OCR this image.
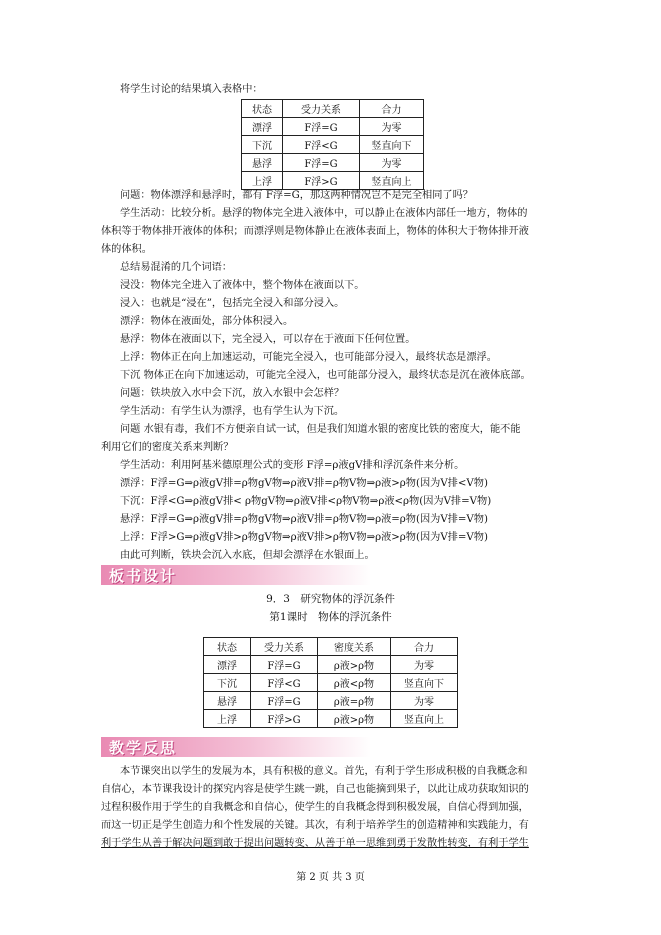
将学生讨论的结果填入表格中：
状态	受力关系	合力
漂浮	F浮=G	为零
下沉	F浮<G	竖直向下
悬浮	F浮=G	为零
上浮	F浮>G	竖直向上
问题：物体漂浮和悬浮时，都有 F浮=G，那这两种情况岂不是完全相同了吗？
学生活动：比较分析。悬浮的物体完全进入液体中，可以静止在液体内部任一地方，物体的
体积等于物体排开液体的体积；而漂浮则是物体静止在液体表面上，物体的体积大于物体排开液
体的体积。
总结易混淆的几个词语：
浸没：物体完全进入了液体中，整个物体在液面以下。
浸入：也就是“浸在”，包括完全浸入和部分浸入。
漂浮：物体在液面处，部分体积浸入。
悬浮：物体在液面以下，完全浸入，可以存在于液面下任何位置。
上浮：物体正在向上加速运动，可能完全浸入，也可能部分浸入，最终状态是漂浮。
下沉 物体正在向下加速运动，可能完全浸入，也可能部分浸入，最终状态是沉在液体底部。
问题：铁块放入水中会下沉，放入水银中会怎样？
学生活动：有学生认为漂浮，也有学生认为下沉。
问题 水银有毒，我们不方便亲自试一试，但是我们知道水银的密度比铁的密度大，能不能
利用它们的密度关系来判断？
学生活动：利用阿基米德原理公式的变形 F浮=ρ液gV排和浮沉条件来分析。
漂浮：F浮=G⇒ρ液gV排=ρ物gV物⇒ρ液V排=ρ物V物⇒ρ液>ρ物(因为V排<V物)
下沉：F浮<G⇒ρ液gV排< ρ物gV物⇒ρ液V排<ρ物V物⇒ρ液<ρ物(因为V排=V物)
悬浮：F浮=G⇒ρ液gV排=ρ物gV物⇒ρ液V排=ρ物V物⇒ρ液=ρ物(因为V排=V物)
上浮：F浮>G⇒ρ液gV排>ρ物gV物⇒ρ液V排>ρ物V物⇒ρ液>ρ物(因为V排=V物)
由此可判断，铁块会沉入水底，但却会漂浮在水银面上。
板书设计
9．3　研究物体的浮沉条件
第1课时　物体的浮沉条件
状态	受力关系	密度关系	合力
漂浮	F浮=G	ρ液>ρ物	为零
下沉	F浮<G	ρ液<ρ物	竖直向下
悬浮	F浮=G	ρ液=ρ物	为零
上浮	F浮>G	ρ液>ρ物	竖直向上
教学反思
本节课突出以学生的发展为本，具有积极的意义。首先，有利于学生形成积极的自我概念和
自信心，本节课我设计的探究内容是使学生跳一跳，自己也能摘到果子，以此让成功获取知识的
过程积极作用于学生的自我概念和自信心，使学生的自我概念得到积极发展，自信心得到加强，
而这一切正是学生创造力和个性发展的关键。其次，有利于培养学生的创造精神和实践能力，有
利于学生从善于解决问题到敢于提出问题转变、从善于单一思维到勇于发散性转变，有利于学生
第 2 页 共 3 页
